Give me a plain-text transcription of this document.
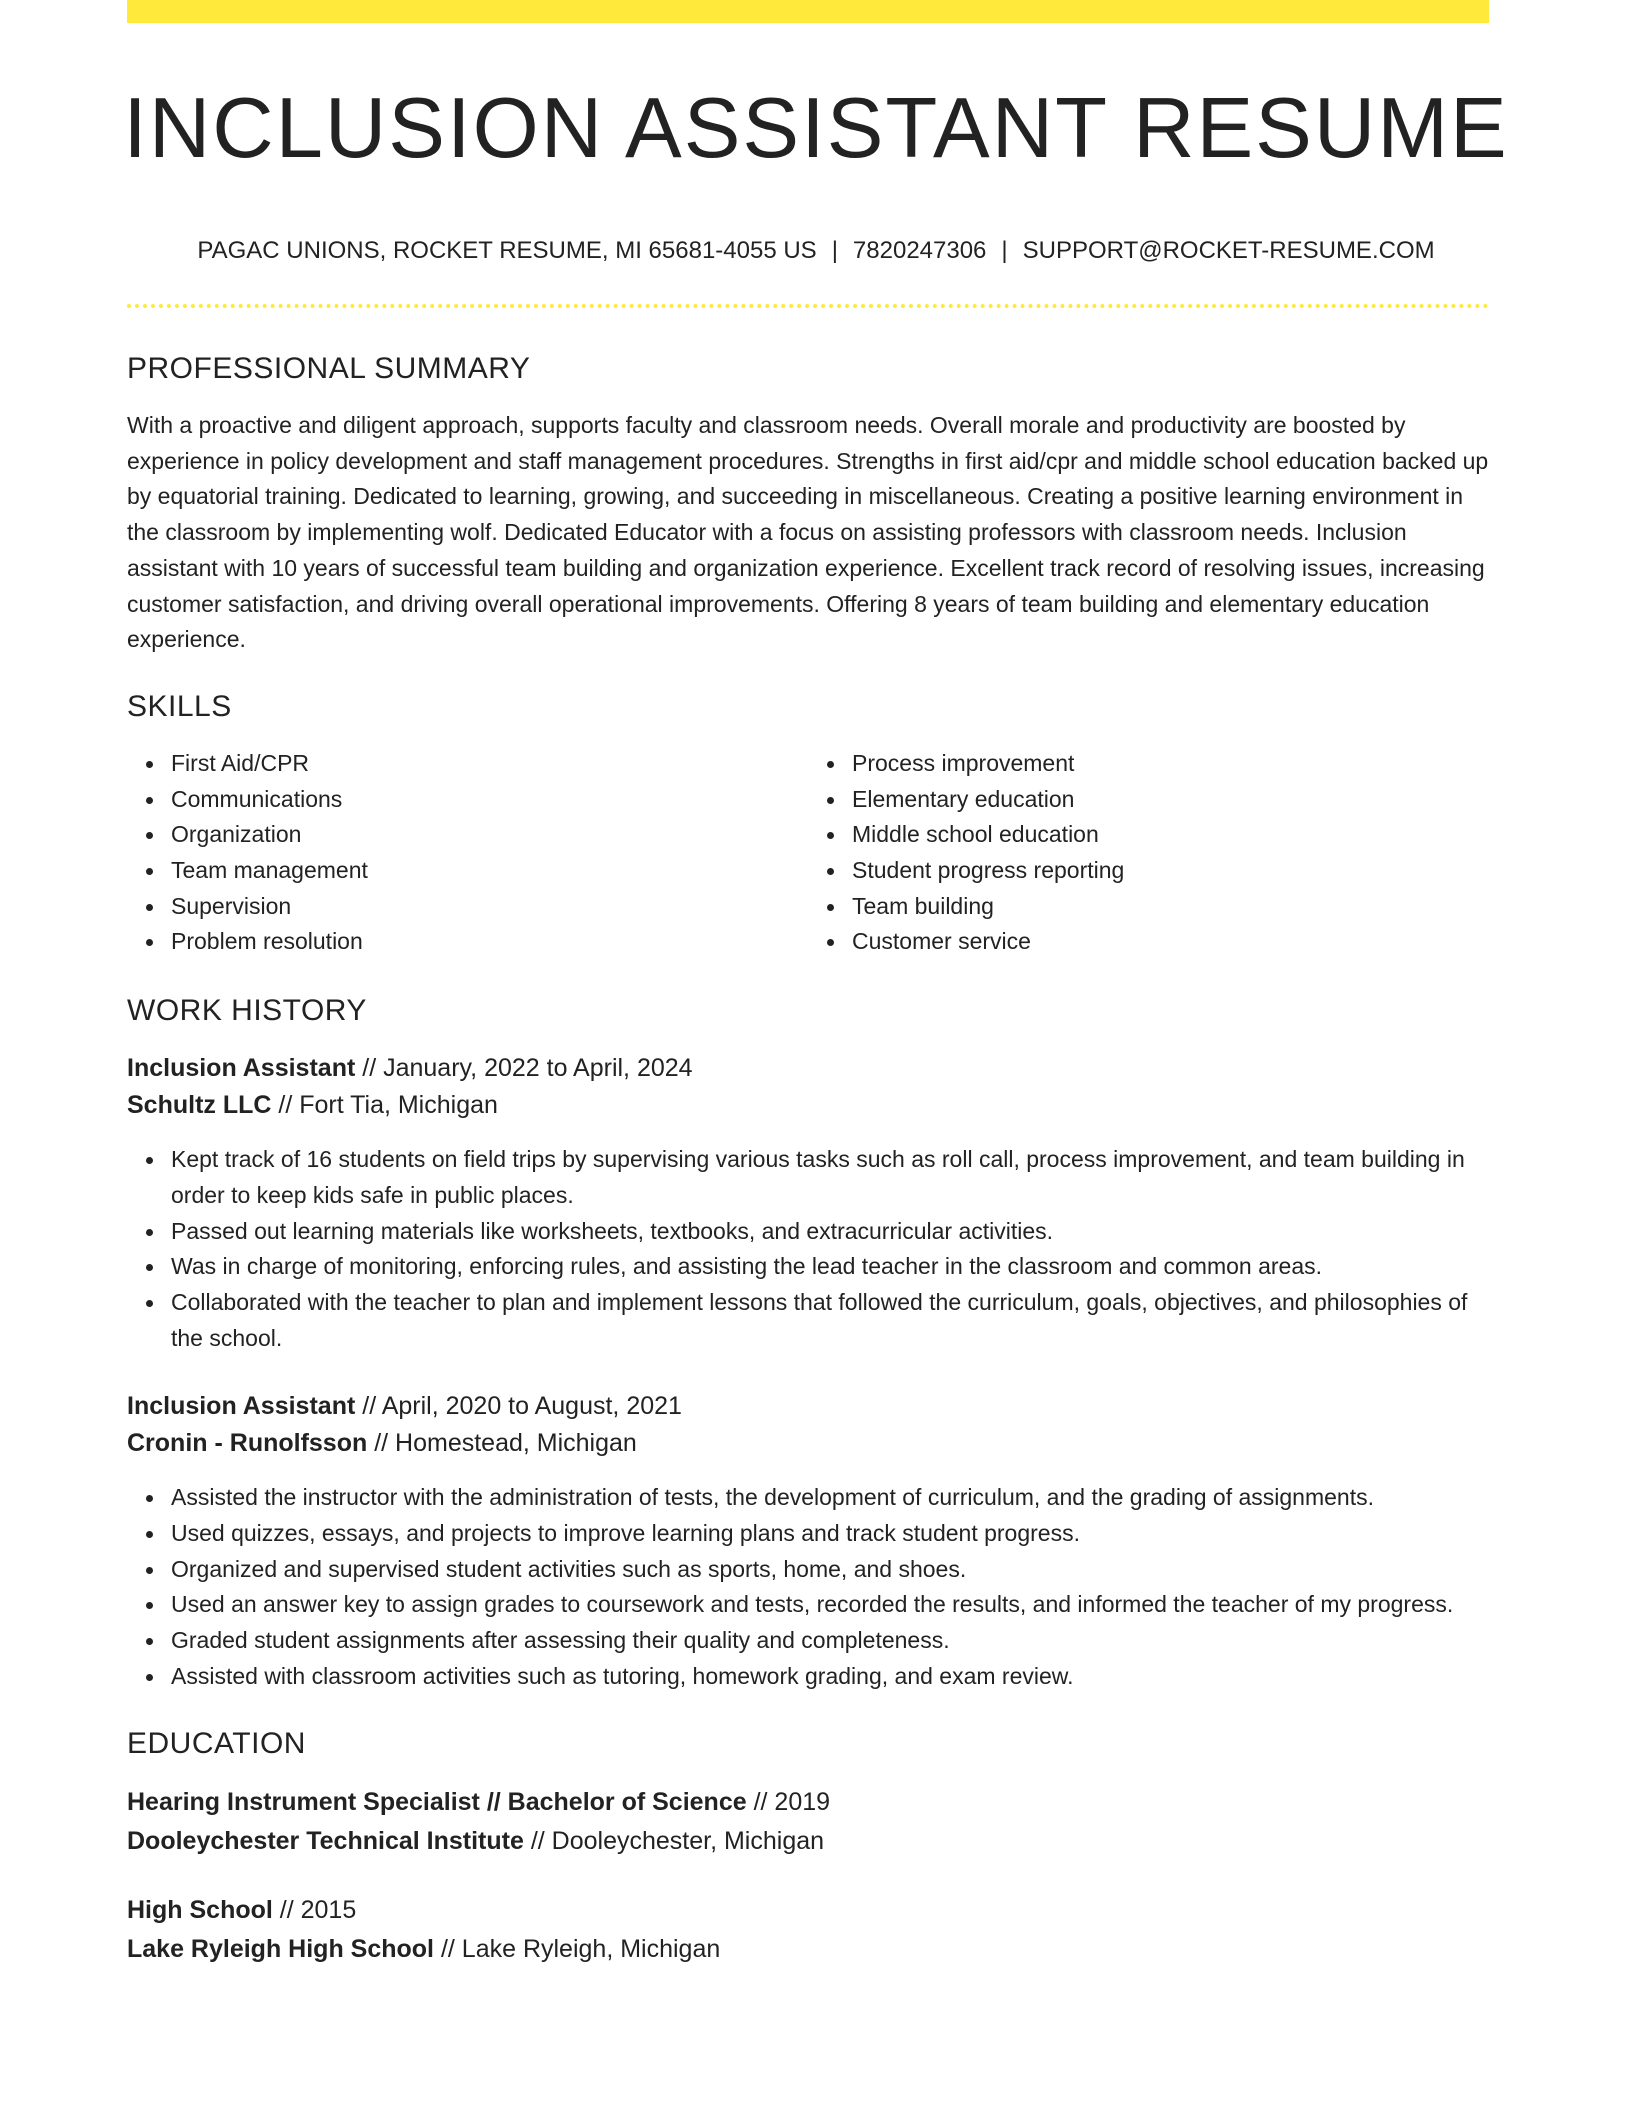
INCLUSION ASSISTANT RESUME
PAGAC UNIONS, ROCKET RESUME, MI 65681-4055 US | 7820247306 | SUPPORT@ROCKET-RESUME.COM
PROFESSIONAL SUMMARY

With a proactive and diligent approach, supports faculty and classroom needs. Overall morale and productivity are boosted by experience in policy development and staff management procedures. Strengths in first aid/cpr and middle school education backed up by equatorial training. Dedicated to learning, growing, and succeeding in miscellaneous. Creating a positive learning environment in the classroom by implementing wolf. Dedicated Educator with a focus on assisting professors with classroom needs. Inclusion assistant with 10 years of successful team building and organization experience. Excellent track record of resolving issues, increasing customer satisfaction, and driving overall operational improvements. Offering 8 years of team building and elementary education experience.

SKILLS
First Aid/CPR
Communications
Organization
Team management
Supervision
Problem resolution
Process improvement
Elementary education
Middle school education
Student progress reporting
Team building
Customer service
WORK HISTORY
Inclusion Assistant // January, 2022 to April, 2024
Schultz LLC // Fort Tia, Michigan
Kept track of 16 students on field trips by supervising various tasks such as roll call, process improvement, and team building in order to keep kids safe in public places.
Passed out learning materials like worksheets, textbooks, and extracurricular activities.
Was in charge of monitoring, enforcing rules, and assisting the lead teacher in the classroom and common areas.
Collaborated with the teacher to plan and implement lessons that followed the curriculum, goals, objectives, and philosophies of the school.
Inclusion Assistant // April, 2020 to August, 2021
Cronin - Runolfsson // Homestead, Michigan
Assisted the instructor with the administration of tests, the development of curriculum, and the grading of assignments.
Used quizzes, essays, and projects to improve learning plans and track student progress.
Organized and supervised student activities such as sports, home, and shoes.
Used an answer key to assign grades to coursework and tests, recorded the results, and informed the teacher of my progress.
Graded student assignments after assessing their quality and completeness.
Assisted with classroom activities such as tutoring, homework grading, and exam review.
EDUCATION
Hearing Instrument Specialist // Bachelor of Science // 2019
Dooleychester Technical Institute // Dooleychester, Michigan
High School // 2015
Lake Ryleigh High School // Lake Ryleigh, Michigan
